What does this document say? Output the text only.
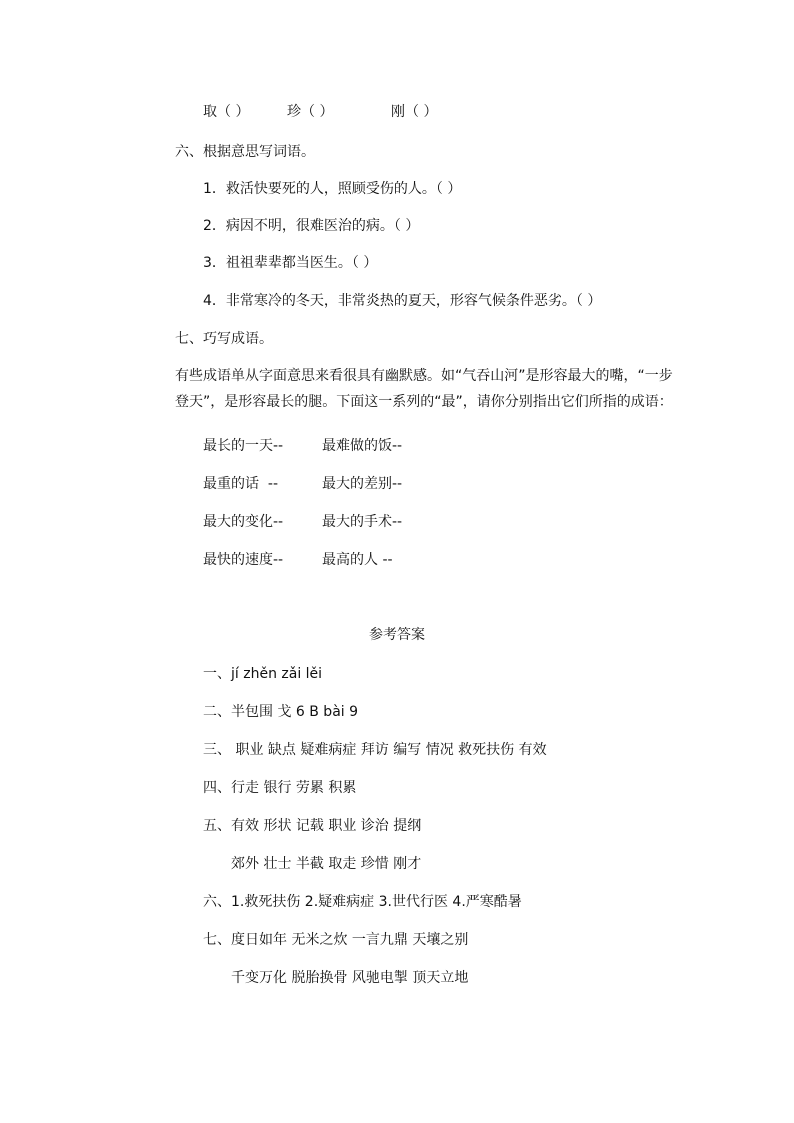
取（ ）	珍（ ）	刚（ ）
六、根据意思写词语。
1．救活快要死的人，照顾受伤的人。（ ）
2．病因不明，很难医治的病。（ ）
3．祖祖辈辈都当医生。（ ）
4．非常寒冷的冬天，非常炎热的夏天，形容气候条件恶劣。（ ）
七、巧写成语。
有些成语单从字面意思来看很具有幽默感。如“气吞山河”是形容最大的嘴，“一步登天”，是形容最长的腿。下面这一系列的“最”，请你分别指出它们所指的成语：
最长的一天--	最难做的饭--
最重的话  --	最大的差别--
最大的变化--	最大的手术--
最快的速度--	最高的人 --
参考答案
一、jí zhěn zǎi lěi
二、半包围 戈 6 B bài 9
三、 职业 缺点 疑难病症 拜访 编写 情况 救死扶伤 有效
四、行走 银行 劳累 积累
五、有效 形状 记载 职业 诊治 提纲
郊外 壮士 半截 取走 珍惜 刚才
六、1.救死扶伤 2.疑难病症 3.世代行医 4.严寒酷暑
七、度日如年 无米之炊 一言九鼎 天壤之别
千变万化 脱胎换骨 风驰电掣 顶天立地
